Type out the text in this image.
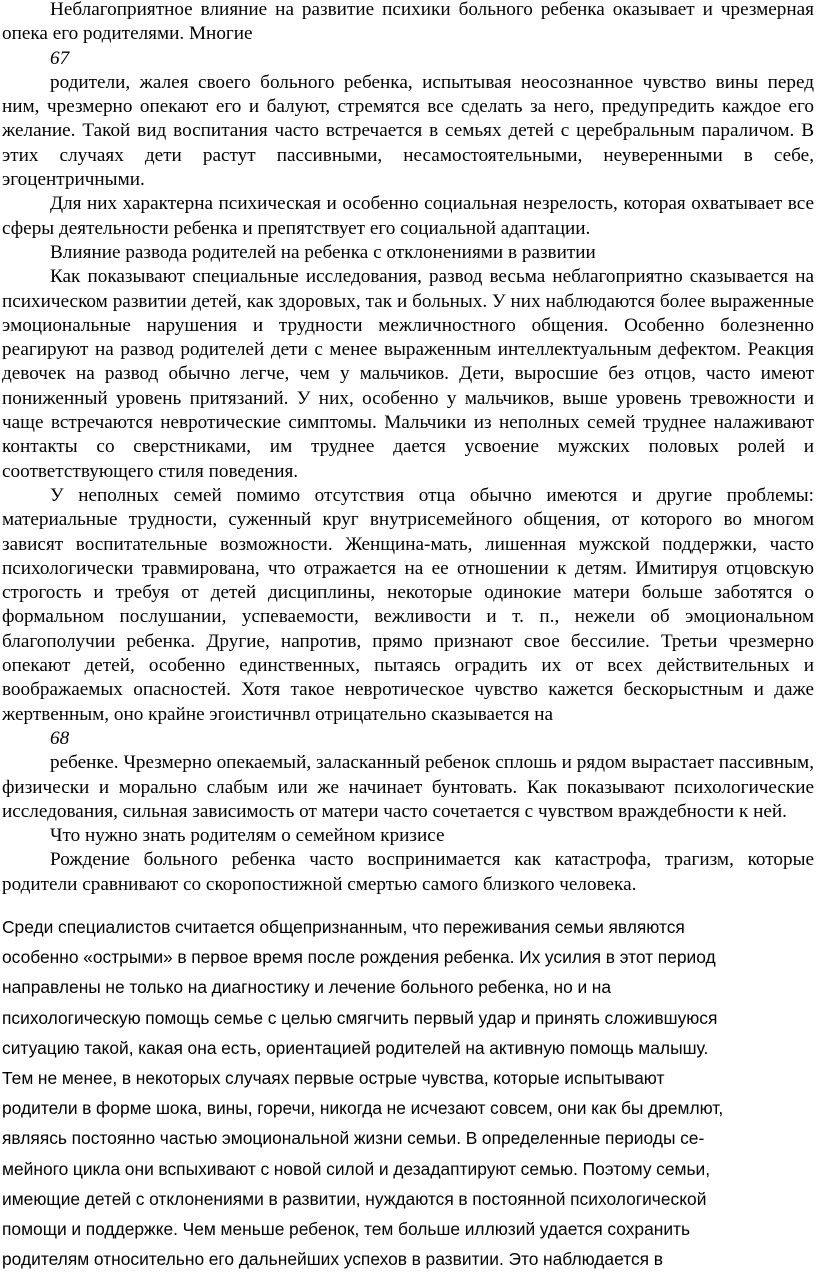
Неблагоприятное влияние на развитие психики больного ребенка оказывает и чрезмерная опека его родителями. Многие

67

родители, жалея своего больного ребенка, испытывая неосознанное чувство вины перед ним, чрезмерно опекают его и балуют, стремятся все сделать за него, предупредить каждое его желание. Такой вид воспитания часто встречается в семьях детей с церебральным параличом. В этих случаях дети растут пассивными, несамостоятельными, неуверенными в себе, эгоцентричными.

Для них характерна психическая и особенно социальная незрелость, которая охватывает все сферы деятельности ребенка и препятствует его социальной адаптации.

Влияние развода родителей на ребенка с отклонениями в развитии

Как показывают специальные исследования, развод весьма неблагоприятно сказывается на психическом развитии детей, как здоровых, так и больных. У них наблюдаются более выраженные эмоциональные нарушения и трудности межличностного общения. Особенно болезненно реагируют на развод родителей дети с менее выраженным интеллектуальным дефектом. Реакция девочек на развод обычно легче, чем у мальчиков. Дети, выросшие без отцов, часто имеют пониженный уровень притязаний. У них, особенно у мальчиков, выше уровень тревожности и чаще встречаются невротические симптомы. Мальчики из неполных семей труднее налаживают контакты со сверстниками, им труднее дается усвоение мужских половых ролей и соответствующего стиля поведения.

У неполных семей помимо отсутствия отца обычно имеются и другие проблемы: материальные трудности, суженный круг внутрисемейного общения, от которого во многом зависят воспитательные возможности. Женщина-мать, лишенная мужской поддержки, часто психологически травмирована, что отражается на ее отношении к детям. Имитируя отцовскую строгость и требуя от детей дисциплины, некоторые одинокие матери больше заботятся о формальном послушании, успеваемости, вежливости и т. п., нежели об эмоциональном благополучии ребенка. Другие, напротив, прямо признают свое бессилие. Третьи чрезмерно опекают детей, особенно единственных, пытаясь оградить их от всех действительных и воображаемых опасностей. Хотя такое невротическое чувство кажется бескорыстным и даже жертвенным, оно крайне эгоистичнвл отрицательно сказывается на

68

ребенке. Чрезмерно опекаемый, заласканный ребенок сплошь и рядом вырастает пассивным, физически и морально слабым или же начинает бунтовать. Как показывают психологические исследования, сильная зависимость от матери часто сочетается с чувством враждебности к ней.

Что нужно знать родителям о семейном кризисе

Рождение больного ребенка часто воспринимается как катастрофа, трагизм, которые родители сравнивают со скоропостижной смертью самого близкого человека.

Среди специалистов считается общепризнанным, что переживания семьи являются
особенно «острыми» в первое время после рождения ребенка. Их усилия в этот период
направлены не только на диагностику и лечение больного ребенка, но и на
психологическую помощь семье с целью смягчить первый удар и принять сложившуюся
ситуацию такой, какая она есть, ориентацией родителей на активную помощь малышу.
Тем не менее, в некоторых случаях первые острые чувства, которые испытывают
родители в форме шока, вины, горечи, никогда не исчезают совсем, они как бы дремлют,
являясь постоянно частью эмоциональной жизни семьи. В определенные периоды се-
мейного цикла они вспыхивают с новой силой и дезадаптируют семью. Поэтому семьи,
имеющие детей с отклонениями в развитии, нуждаются в постоянной психологической
помощи и поддержке. Чем меньше ребенок, тем больше иллюзий удается сохранить
родителям относительно его дальнейших успехов в развитии. Это наблюдается в
